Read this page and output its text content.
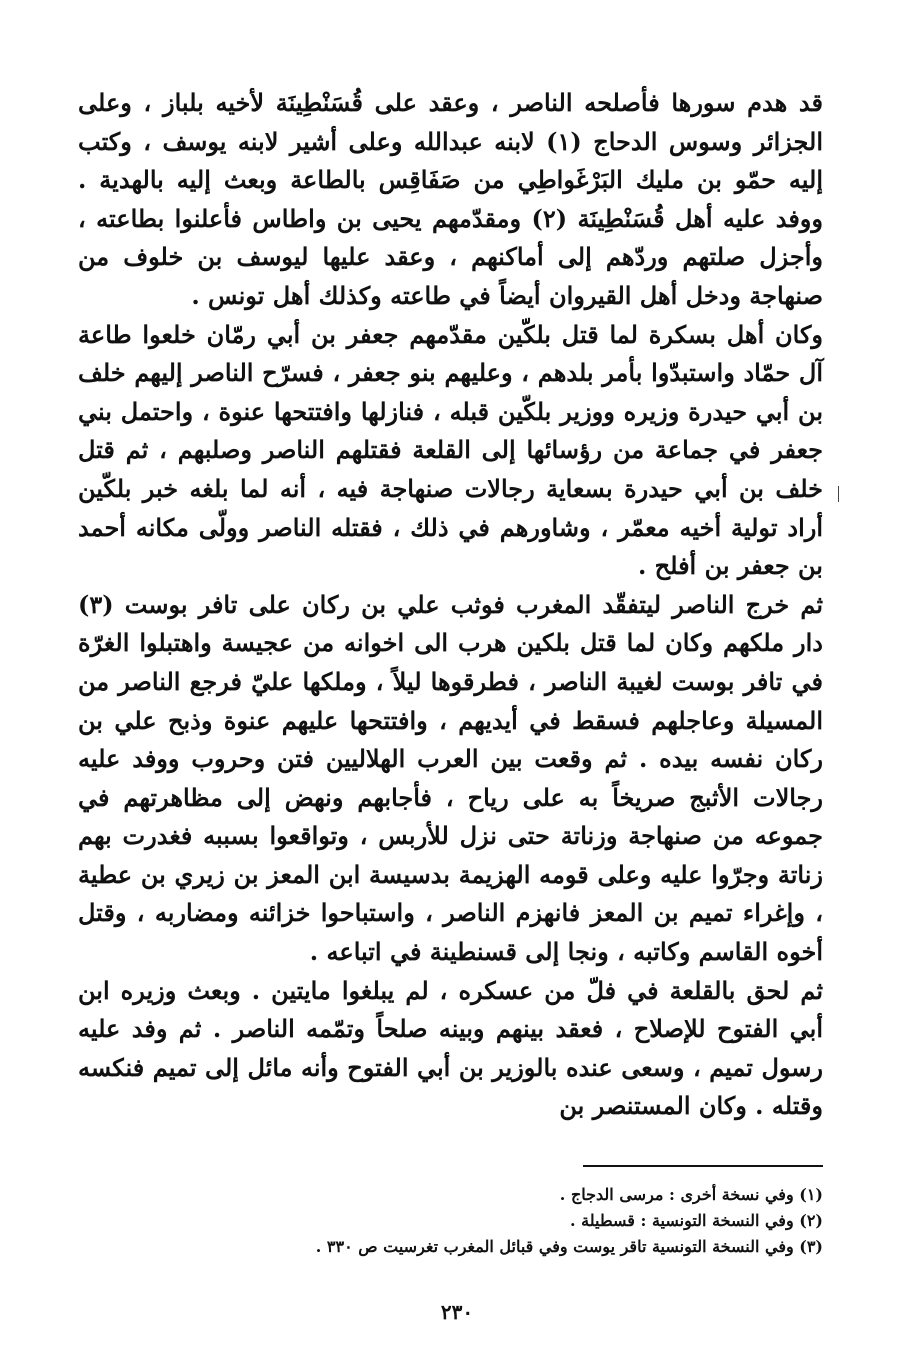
قد هدم سورها فأصلحه الناصر ، وعقد على قُسَنْطِينَة لأخيه بلباز ، وعلى الجزائر وسوس الدحاج (١) لابنه عبدالله وعلى أشير لابنه يوسف ، وكتب إليه حمّو بن مليك البَرْغَواطِي من صَفَاقِس بالطاعة وبعث إليه بالهدية . ووفد عليه أهل قُسَنْطِينَة (٢) ومقدّمهم يحيى بن واطاس فأعلنوا بطاعته ، وأجزل صلتهم وردّهم إلى أماكنهم ، وعقد عليها ليوسف بن خلوف من صنهاجة ودخل أهل القيروان أيضاً في طاعته وكذلك أهل تونس .

وكان أهل بسكرة لما قتل بلكّين مقدّمهم جعفر بن أبي رمّان خلعوا طاعة آل حمّاد واستبدّوا بأمر بلدهم ، وعليهم بنو جعفر ، فسرّح الناصر إليهم خلف بن أبي حيدرة وزيره ووزير بلكّين قبله ، فنازلها وافتتحها عنوة ، واحتمل بني جعفر في جماعة من رؤسائها إلى القلعة فقتلهم الناصر وصلبهم ، ثم قتل خلف بن أبي حيدرة بسعاية رجالات صنهاجة فيه ، أنه لما بلغه خبر بلكّين أراد تولية أخيه معمّر ، وشاورهم في ذلك ، فقتله الناصر وولّى مكانه أحمد بن جعفر بن أفلح .

ثم خرج الناصر ليتفقّد المغرب فوثب علي بن ركان على تافر بوست (٣) دار ملكهم وكان لما قتل بلكين هرب الى اخوانه من عجيسة واهتبلوا الغرّة في تافر بوست لغيبة الناصر ، فطرقوها ليلاً ، وملكها عليّ فرجع الناصر من المسيلة وعاجلهم فسقط في أيديهم ، وافتتحها عليهم عنوة وذبح علي بن ركان نفسه بيده . ثم وقعت بين العرب الهلاليين فتن وحروب ووفد عليه رجالات الأثبج صريخاً به على رياح ، فأجابهم ونهض إلى مظاهرتهم في جموعه من صنهاجة وزناتة حتى نزل للأربس ، وتواقعوا بسببه فغدرت بهم زناتة وجرّوا عليه وعلى قومه الهزيمة بدسيسة ابن المعز بن زيري بن عطية ، وإغراء تميم بن المعز فانهزم الناصر ، واستباحوا خزائنه ومضاربه ، وقتل أخوه القاسم وكاتبه ، ونجا إلى قسنطينة في اتباعه .

ثم لحق بالقلعة في فلّ من عسكره ، لم يبلغوا مايتين . وبعث وزيره ابن أبي الفتوح للإصلاح ، فعقد بينهم وبينه صلحاً وتمّمه الناصر . ثم وفد عليه رسول تميم ، وسعى عنده بالوزير بن أبي الفتوح وأنه مائل إلى تميم فنكسه وقتله . وكان المستنصر بن

(١) وفي نسخة أخرى : مرسى الدجاج .

(٢) وفي النسخة التونسية : قسطيلة .

(٣) وفي النسخة التونسية تاقر يوست وفي قبائل المغرب تغرسيت ص ٣٣٠ .

٢٣٠
